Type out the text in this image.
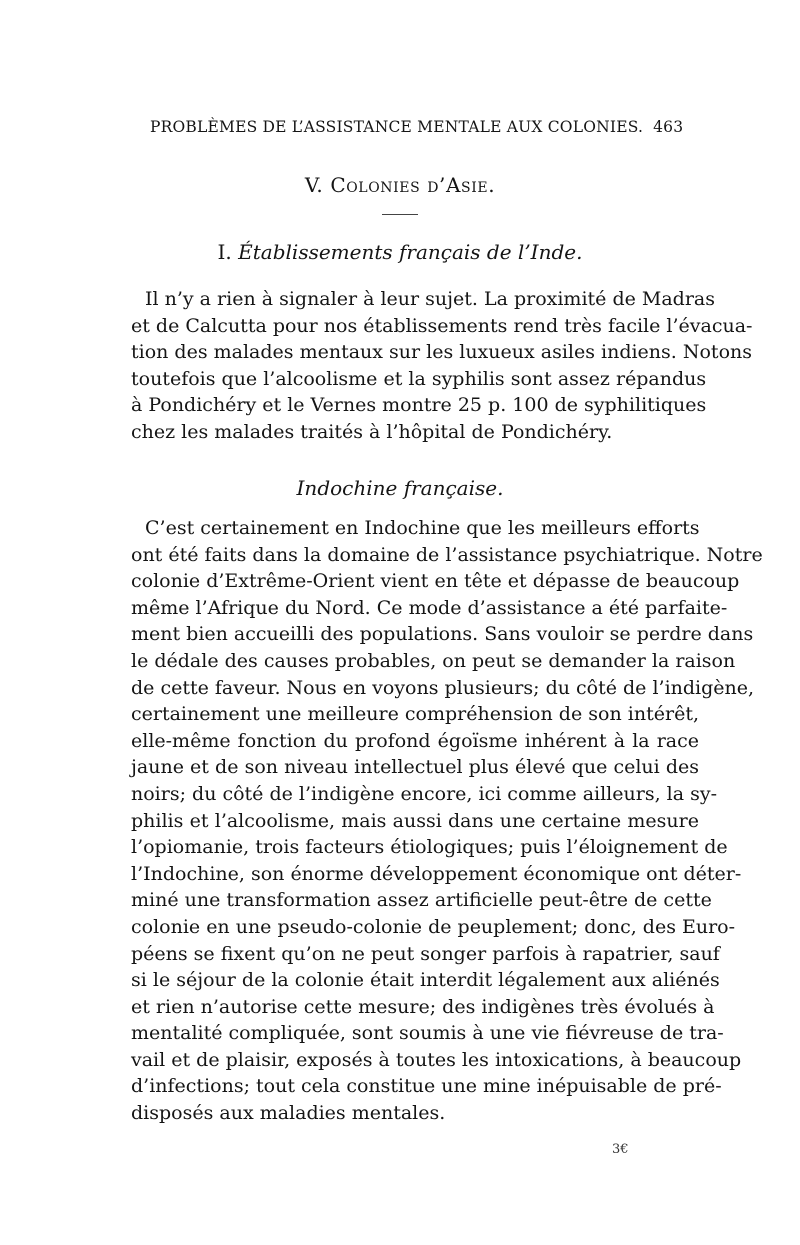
PROBLÈMES DE L’ASSISTANCE MENTALE AUX COLONIES. 463
V. Colonies d’Asie.
I. Établissements français de l’Inde.
Il n’y a rien à signaler à leur sujet. La proximité de Madras
et de Calcutta pour nos établissements rend très facile l’évacua-
tion des malades mentaux sur les luxueux asiles indiens. Notons
toutefois que l’alcoolisme et la syphilis sont assez répandus
à Pondichéry et le Vernes montre 25 p. 100 de syphilitiques
chez les malades traités à l’hôpital de Pondichéry.
Indochine française.
C’est certainement en Indochine que les meilleurs efforts
ont été faits dans la domaine de l’assistance psychiatrique. Notre
colonie d’Extrême-Orient vient en tête et dépasse de beaucoup
même l’Afrique du Nord. Ce mode d’assistance a été parfaite-
ment bien accueilli des populations. Sans vouloir se perdre dans
le dédale des causes probables, on peut se demander la raison
de cette faveur. Nous en voyons plusieurs; du côté de l’indigène,
certainement une meilleure compréhension de son intérêt,
elle-même fonction du profond égoïsme inhérent à la race
jaune et de son niveau intellectuel plus élevé que celui des
noirs; du côté de l’indigène encore, ici comme ailleurs, la sy-
philis et l’alcoolisme, mais aussi dans une certaine mesure
l’opiomanie, trois facteurs étiologiques; puis l’éloignement de
l’Indochine, son énorme développement économique ont déter-
miné une transformation assez artificielle peut-être de cette
colonie en une pseudo-colonie de peuplement; donc, des Euro-
péens se fixent qu’on ne peut songer parfois à rapatrier, sauf
si le séjour de la colonie était interdit légalement aux aliénés
et rien n’autorise cette mesure; des indigènes très évolués à
mentalité compliquée, sont soumis à une vie fiévreuse de tra-
vail et de plaisir, exposés à toutes les intoxications, à beaucoup
d’infections; tout cela constitue une mine inépuisable de pré-
disposés aux maladies mentales.
3€
